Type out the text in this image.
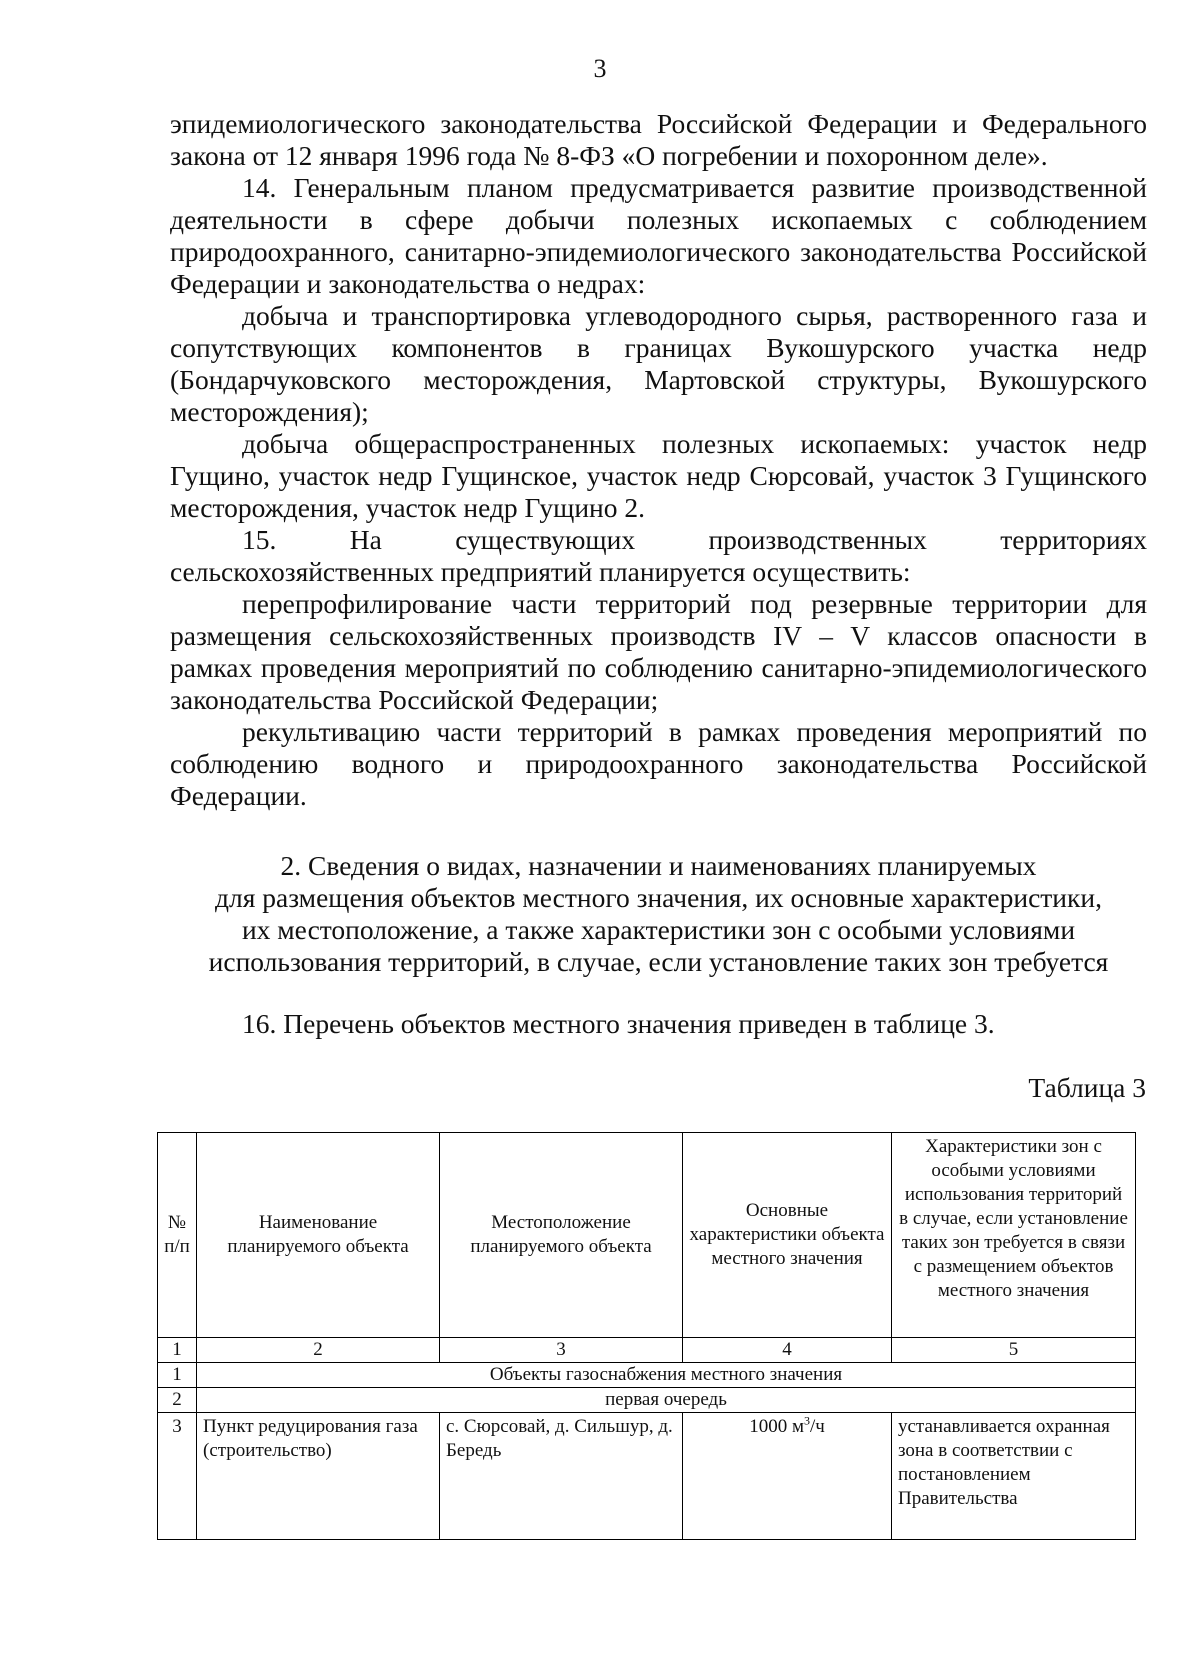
3

эпидемиологического законодательства Российской Федерации и Федерального закона от 12 января 1996 года № 8-ФЗ «О погребении и похоронном деле».

14. Генеральным планом предусматривается развитие производственной деятельности в сфере добычи полезных ископаемых с соблюдением природоохранного, санитарно-эпидемиологического законодательства Российской Федерации и законодательства о недрах:

добыча и транспортировка углеводородного сырья, растворенного газа и сопутствующих компонентов в границах Вукошурского участка недр (Бондарчуковского месторождения, Мартовской структуры, Вукошурского месторождения);

добыча общераспространенных полезных ископаемых: участок недр Гущино, участок недр Гущинское, участок недр Сюрсовай, участок 3 Гущинского месторождения, участок недр Гущино 2.

15. На существующих производственных территориях сельскохозяйственных предприятий планируется осуществить:

перепрофилирование части территорий под резервные территории для размещения сельскохозяйственных производств IV – V классов опасности в рамках проведения мероприятий по соблюдению санитарно-эпидемиологического законодательства Российской Федерации;

рекультивацию части территорий в рамках проведения мероприятий по соблюдению водного и природоохранного законодательства Российской Федерации.

2. Сведения о видах, назначении и наименованиях планируемых
для размещения объектов местного значения, их основные характеристики,
их местоположение, а также характеристики зон с особыми условиями
использования территорий, в случае, если установление таких зон требуется
16. Перечень объектов местного значения приведен в таблице 3.
Таблица 3
№ п/п	Наименование планируемого объекта	Местоположение планируемого объекта	Основные характеристики объекта местного значения	Характеристики зон с особыми условиями использования территорий в случае, если установление таких зон требуется в связи с размещением объектов местного значения
1	2	3	4	5
1	Объекты газоснабжения местного значения			
2	первая очередь			
3	Пункт редуцирования газа (строительство)	с. Сюрсовай, д. Сильшур, д. Бередь	1000 $м^3/ч$	устанавливается охранная зона в соответствии с постановлением Правительства
